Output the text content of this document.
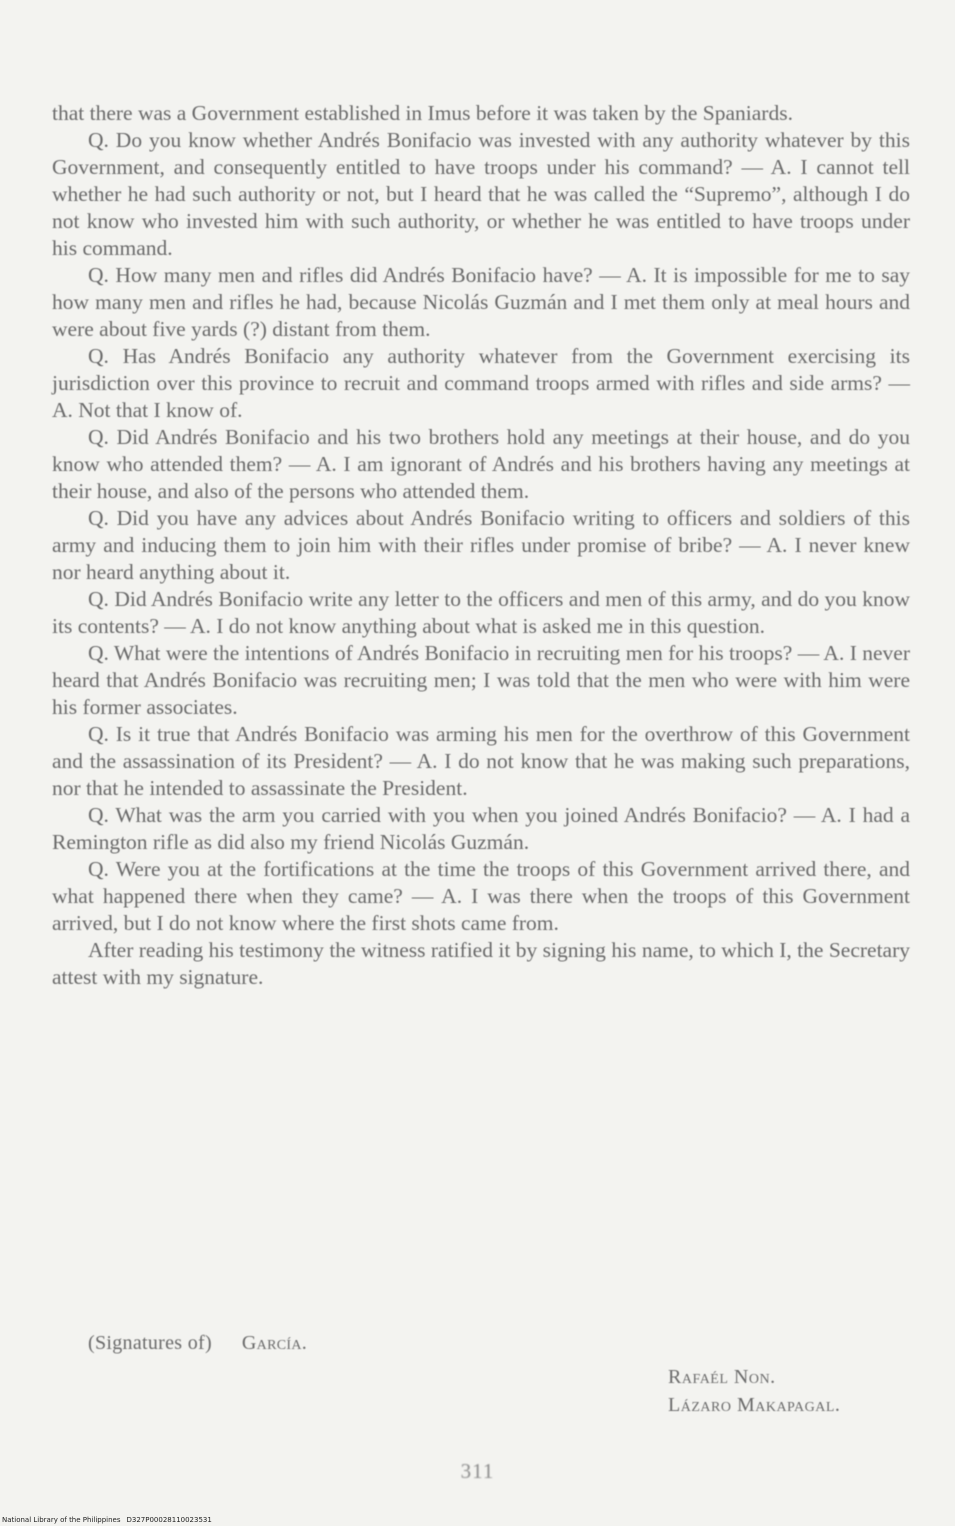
that there was a Government established in Imus before it was taken by the Spaniards.

Q. Do you know whether Andrés Bonifacio was invested with any authority whatever by this Government, and consequently entitled to have troops under his command? — A. I cannot tell whether he had such authority or not, but I heard that he was called the “Supremo”, although I do not know who invested him with such authority, or whether he was entitled to have troops under his command.

Q. How many men and rifles did Andrés Bonifacio have? — A. It is impossible for me to say how many men and rifles he had, because Nicolás Guzmán and I met them only at meal hours and were about five yards (?) distant from them.

Q. Has Andrés Bonifacio any authority whatever from the Government exercising its jurisdiction over this province to recruit and command troops armed with rifles and side arms? — A. Not that I know of.

Q. Did Andrés Bonifacio and his two brothers hold any meetings at their house, and do you know who attended them? — A. I am ignorant of Andrés and his brothers having any meetings at their house, and also of the persons who attended them.

Q. Did you have any advices about Andrés Bonifacio writing to officers and soldiers of this army and inducing them to join him with their rifles under promise of bribe? — A. I never knew nor heard anything about it.

Q. Did Andrés Bonifacio write any letter to the officers and men of this army, and do you know its contents? — A. I do not know anything about what is asked me in this question.

Q. What were the intentions of Andrés Bonifacio in recruiting men for his troops? — A. I never heard that Andrés Bonifacio was recruiting men; I was told that the men who were with him were his former associates.

Q. Is it true that Andrés Bonifacio was arming his men for the overthrow of this Government and the assassination of its President? — A. I do not know that he was making such preparations, nor that he intended to assassinate the President.

Q. What was the arm you carried with you when you joined Andrés Bonifacio? — A. I had a Remington rifle as did also my friend Nicolás Guzmán.

Q. Were you at the fortifications at the time the troops of this Government arrived there, and what happened there when they came? — A. I was there when the troops of this Government arrived, but I do not know where the first shots came from.

After reading his testimony the witness ratified it by signing his name, to which I, the Secretary attest with my signature.

(Signatures of) García.
Rafaél Non.
Lázaro Makapagal.
311
National Library of the Philippines D327P00028110023531
